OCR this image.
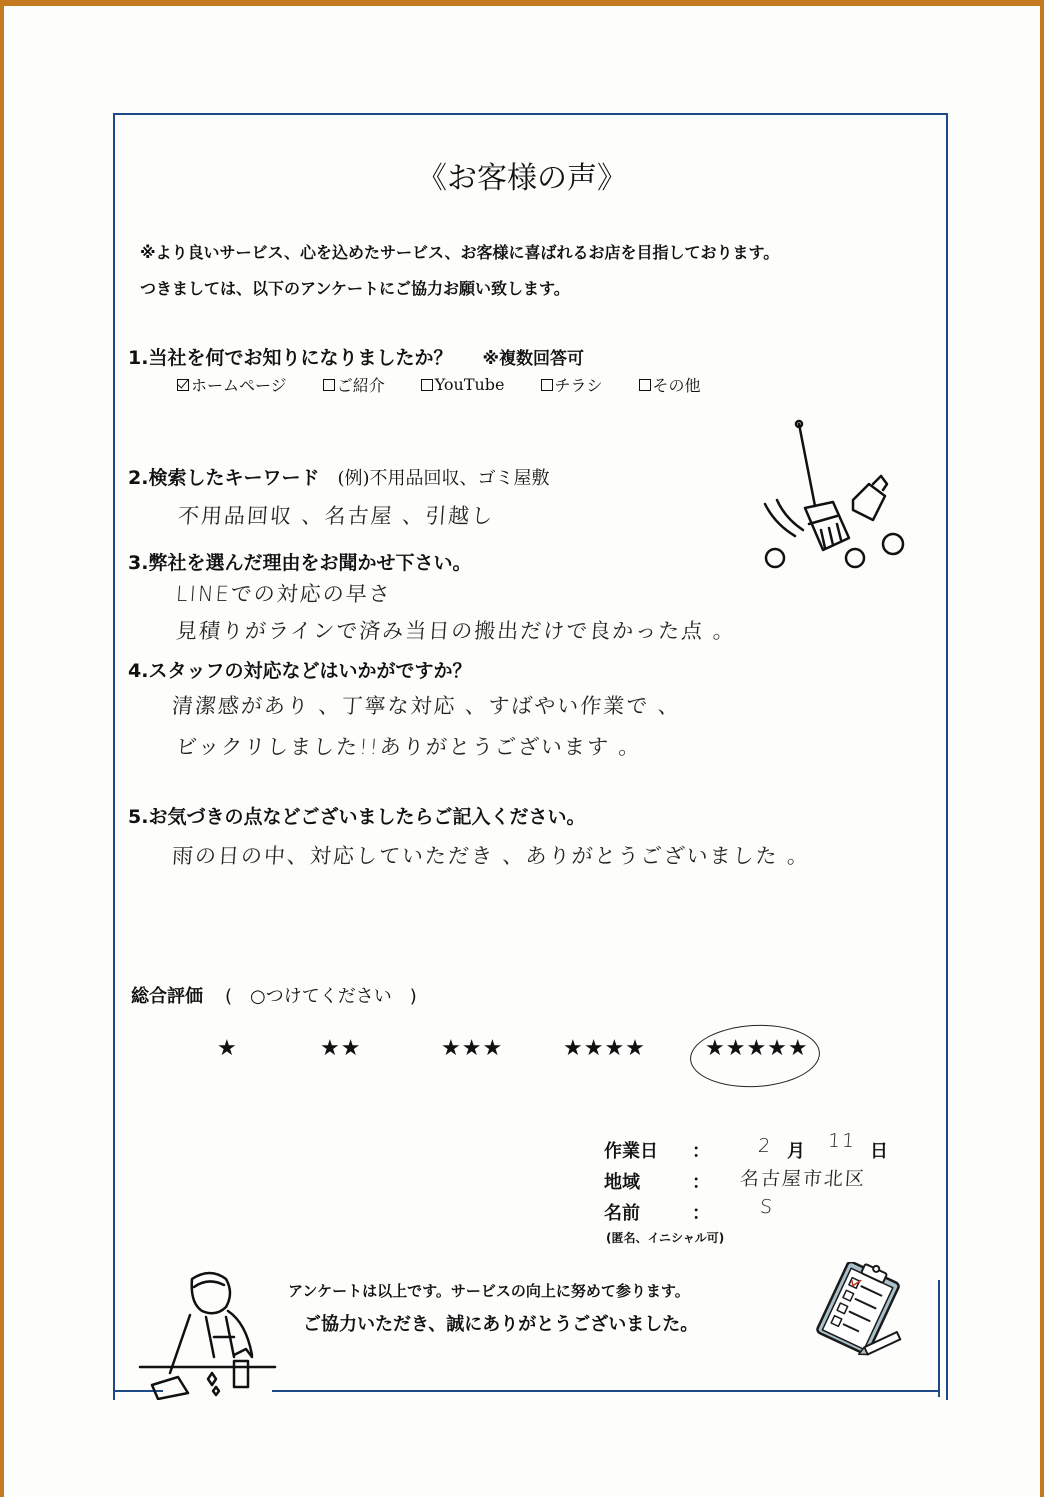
《お客様の声》
※より良いサービス、心を込めたサービス、お客様に喜ばれるお店を目指しております。
つきましては、以下のアンケートにご協力お願い致します。
1.当社を何でお知りになりましたか？ ※複数回答可
ホームページ	ご紹介	YouTube	チラシ	その他
2.検索したキーワード (例)不用品回収、ゴミ屋敷
不用品回収 、名古屋 、引越し
3.弊社を選んだ理由をお聞かせ下さい。
LINEでの対応の早さ
見積りがラインで済み当日の搬出だけで良かった点 。
4.スタッフの対応などはいかがですか？
清潔感があり 、丁寧な対応 、すばやい作業で 、
ビックリしました!!ありがとうございます 。
5.お気づきの点などございましたらご記入ください。
雨の日の中、対応していただき 、ありがとうございました 。
総合評価 (　○つけてください　)
★	★★	★★★	★★★★	★★★★★
作業日 ： 2 月 11 日
地域	： 名古屋市北区
名前	：	S
(匿名、イニシャル可)
アンケートは以上です。サービスの向上に努めて参ります。
ご協力いただき、誠にありがとうございました。
